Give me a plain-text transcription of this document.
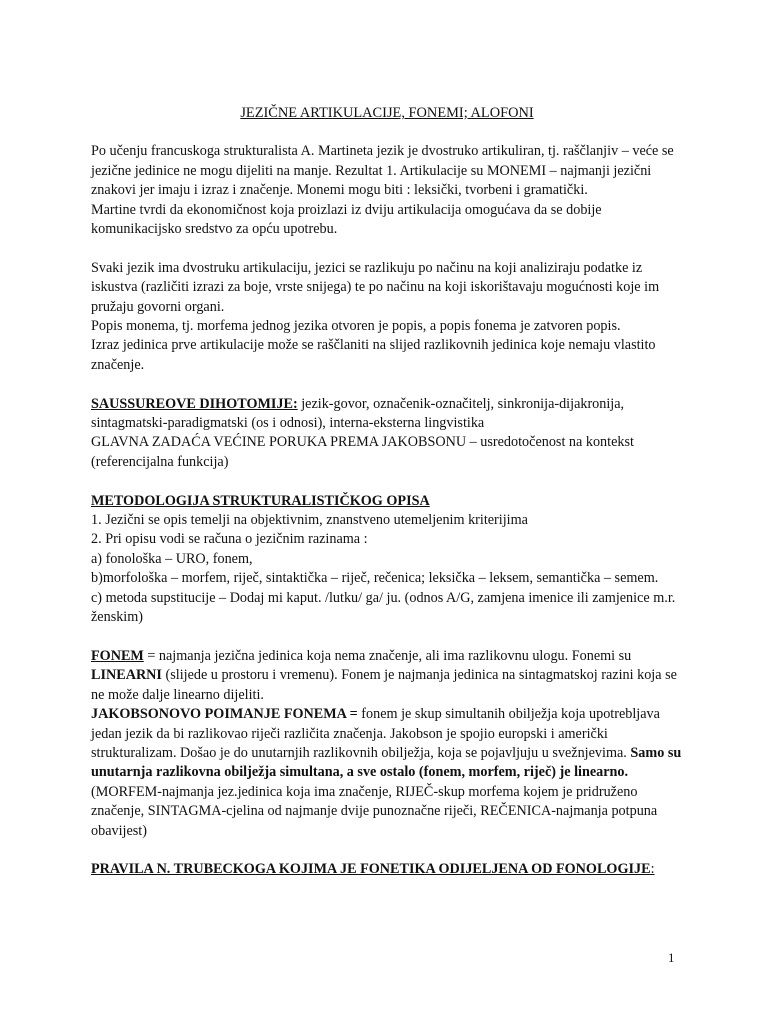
JEZIČNE ARTIKULACIJE, FONEMI; ALOFONI

Po učenju francuskoga strukturalista A. Martineta jezik je dvostruko artikuliran, tj. raščlanjiv – veće se jezične jedinice ne mogu dijeliti na manje. Rezultat 1. Artikulacije su MONEMI – najmanji jezični znakovi jer imaju i izraz i značenje. Monemi mogu biti : leksički, tvorbeni i gramatički.

Martine tvrdi da ekonomičnost koja proizlazi iz dviju artikulacija omogućava da se dobije komunikacijsko sredstvo za opću upotrebu.

Svaki jezik ima dvostruku artikulaciju, jezici se razlikuju po načinu na koji analiziraju podatke iz iskustva (različiti izrazi za boje, vrste snijega) te po načinu na koji iskorištavaju mogućnosti koje im pružaju govorni organi.

Popis monema, tj. morfema jednog jezika otvoren je popis, a popis fonema je zatvoren popis.

Izraz jedinica prve artikulacije može se raščlaniti na slijed razlikovnih jedinica koje nemaju vlastito značenje.

SAUSSUREOVE DIHOTOMIJE: jezik-govor, označenik-označitelj, sinkronija-dijakronija, sintagmatski-paradigmatski (os i odnosi), interna-eksterna lingvistika

GLAVNA ZADAĆA VEĆINE PORUKA PREMA JAKOBSONU – usredotočenost na kontekst (referencijalna funkcija)

METODOLOGIJA STRUKTURALISTIČKOG OPISA

1. Jezični se opis temelji na objektivnim, znanstveno utemeljenim kriterijima

2. Pri opisu vodi se računa o jezičnim razinama :

a) fonološka – URO, fonem,

b)morfološka – morfem, riječ, sintaktička – riječ, rečenica; leksička – leksem, semantička – semem.

c) metoda supstitucije – Dodaj mi kaput. /lutku/ ga/ ju. (odnos A/G, zamjena imenice ili zamjenice m.r. ženskim)

FONEM = najmanja jezična jedinica koja nema značenje, ali ima razlikovnu ulogu. Fonemi su LINEARNI (slijede u prostoru i vremenu). Fonem je najmanja jedinica na sintagmatskoj razini koja se ne može dalje linearno dijeliti.

JAKOBSONOVO POIMANJE FONEMA = fonem je skup simultanih obilježja koja upotrebljava jedan jezik da bi razlikovao riječi različita značenja. Jakobson je spojio europski i američki strukturalizam. Došao je do unutarnjih razlikovnih obilježja, koja se pojavljuju u svežnjevima. Samo su unutarnja razlikovna obilježja simultana, a sve ostalo (fonem, morfem, riječ) je linearno. (MORFEM-najmanja jez.jedinica koja ima značenje, RIJEČ-skup morfema kojem je pridruženo značenje, SINTAGMA-cjelina od najmanje dvije punoznačne riječi, REČENICA-najmanja potpuna obavijest)

PRAVILA N. TRUBECKOGA KOJIMA JE FONETIKA ODIJELJENA OD FONOLOGIJE:

1
